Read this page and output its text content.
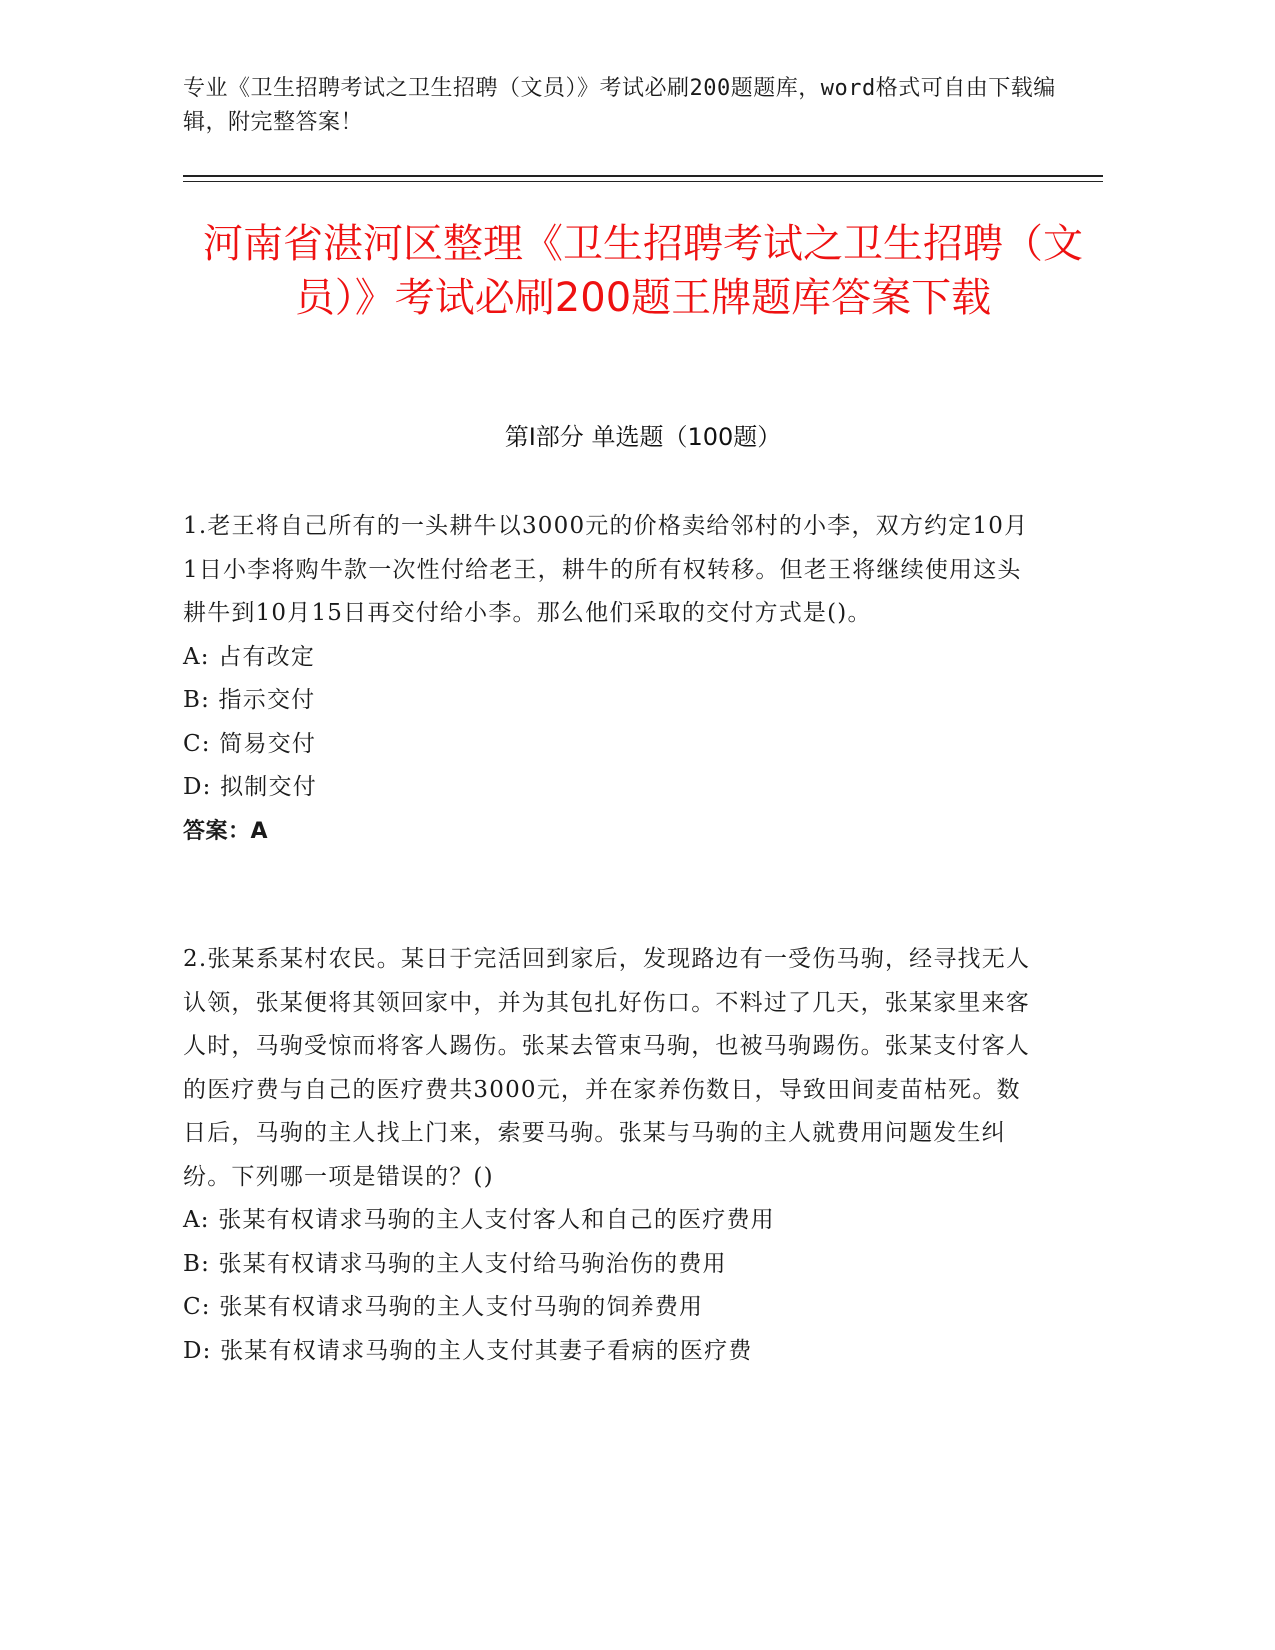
专业《卫生招聘考试之卫生招聘（文员）》考试必刷200题题库，word格式可自由下载编辑，附完整答案！
河南省湛河区整理《卫生招聘考试之卫生招聘（文员）》考试必刷200题王牌题库答案下载
第Ⅰ部分 单选题（100题）

1.老王将自己所有的一头耕牛以3000元的价格卖给邻村的小李，双方约定10月1日小李将购牛款一次性付给老王，耕牛的所有权转移。但老王将继续使用这头耕牛到10月15日再交付给小李。那么他们采取的交付方式是()。

A: 占有改定

B: 指示交付

C: 简易交付

D: 拟制交付

答案：A

2.张某系某村农民。某日于完活回到家后，发现路边有一受伤马驹，经寻找无人认领，张某便将其领回家中，并为其包扎好伤口。不料过了几天，张某家里来客人时，马驹受惊而将客人踢伤。张某去管束马驹，也被马驹踢伤。张某支付客人的医疗费与自己的医疗费共3000元，并在家养伤数日，导致田间麦苗枯死。数日后，马驹的主人找上门来，索要马驹。张某与马驹的主人就费用问题发生纠纷。下列哪一项是错误的？()

A: 张某有权请求马驹的主人支付客人和自己的医疗费用

B: 张某有权请求马驹的主人支付给马驹治伤的费用

C: 张某有权请求马驹的主人支付马驹的饲养费用

D: 张某有权请求马驹的主人支付其妻子看病的医疗费
